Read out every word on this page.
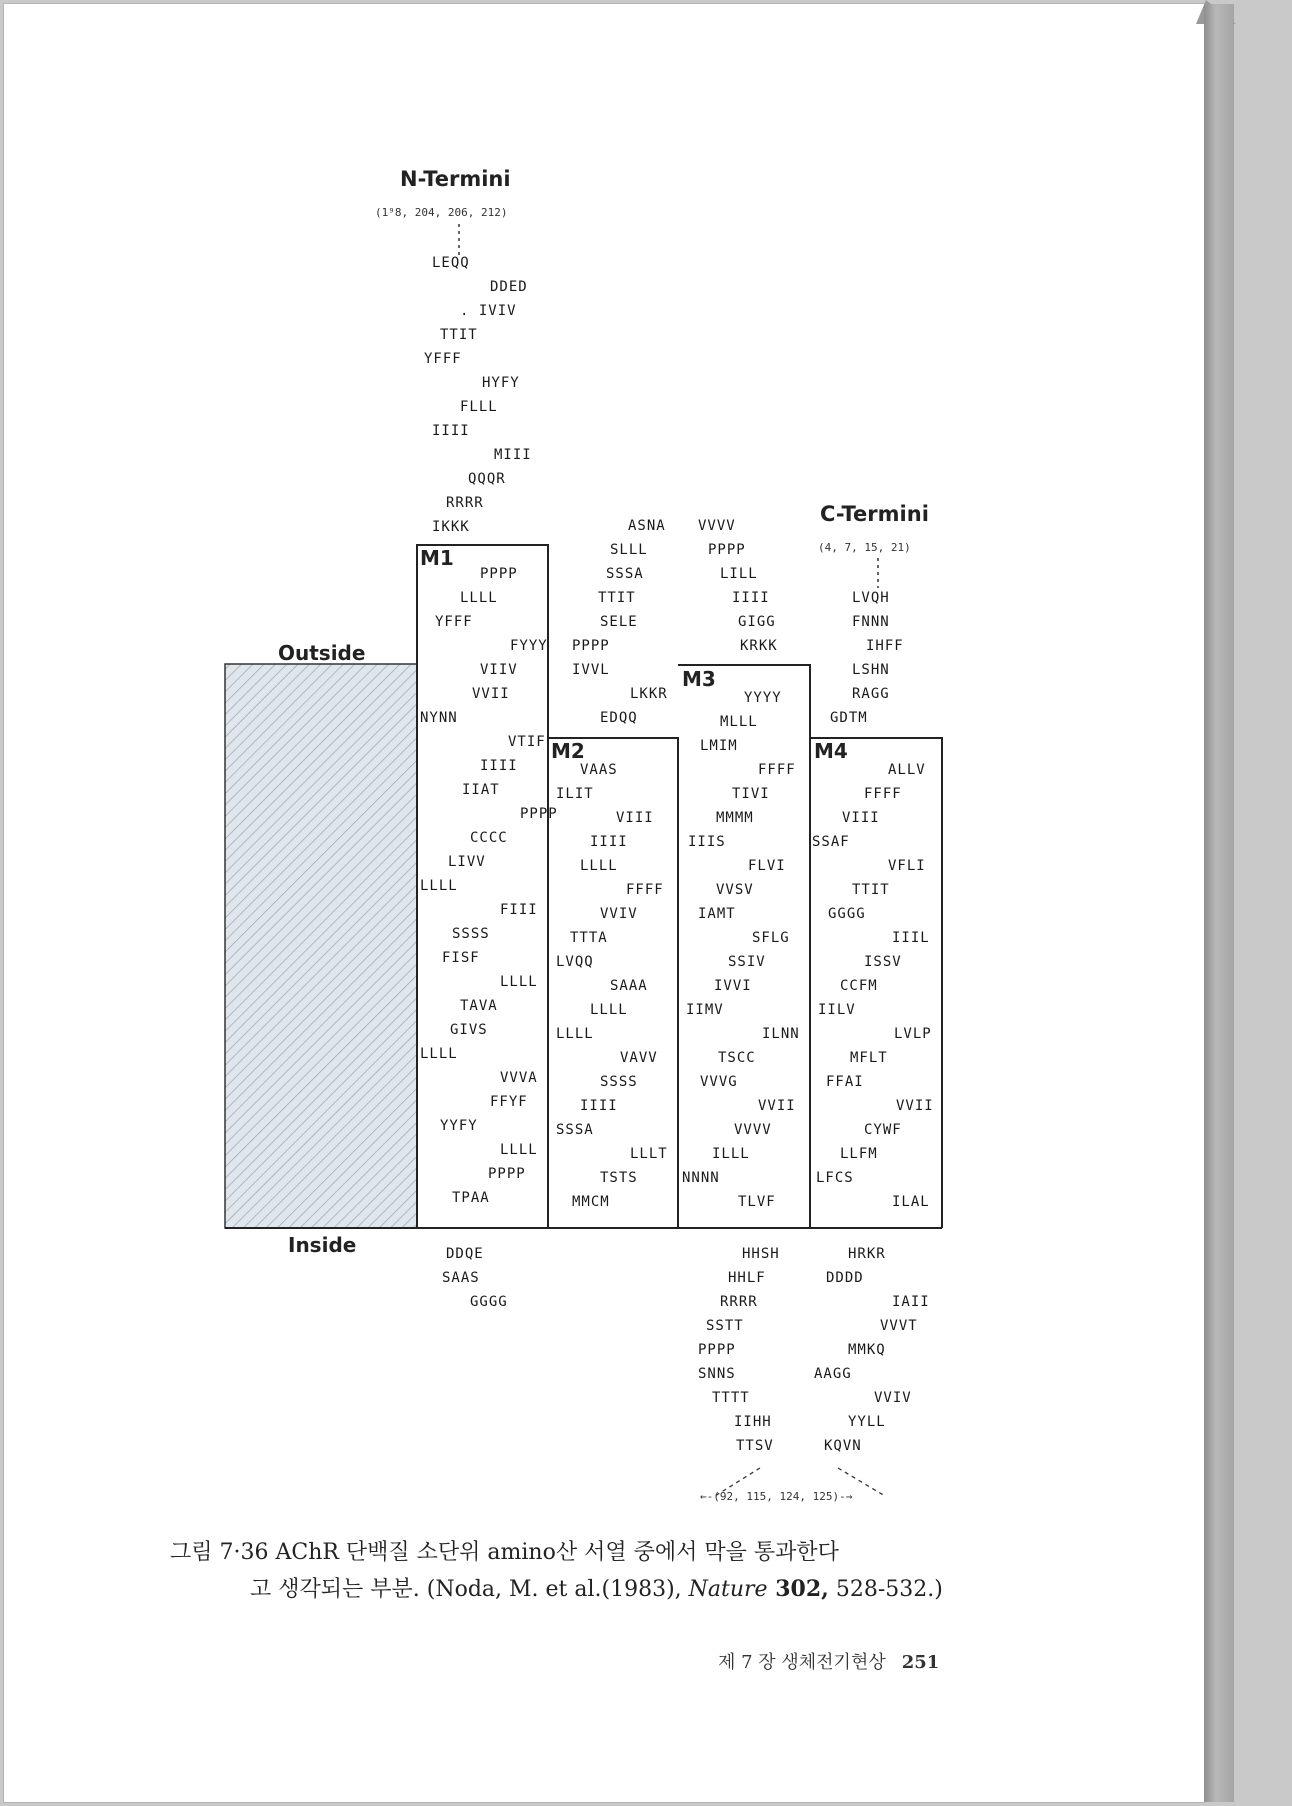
N-Termini
(1⁹8, 204, 206, 212)
C-Termini
(4, 7, 15, 21)
Outside
Inside
M1
M2
M3
M4
LEQQ
DDED
. IVIV
TTIT
YFFF
HYFY
FLLL
IIII
MIII
QQQR
RRRR
IKKK
PPPP
LLLL
YFFF
FYYY
VIIV
VVII
NYNN
VTIF
IIII
IIAT
PPPP
CCCC
LIVV
LLLL
FIII
SSSS
FISF
LLLL
TAVA
GIVS
LLLL
VVVA
FFYF
YYFY
LLLL
PPPP
TPAA
DDQE
SAAS
GGGG
ASNA
SLLL
SSSA
TTIT
SELE
PPPP
IVVL
LKKR
EDQQ
VAAS
ILIT
VIII
IIII
LLLL
FFFF
VVIV
TTTA
LVQQ
SAAA
LLLL
LLLL
VAVV
SSSS
IIII
SSSA
LLLT
TSTS
MMCM
VVVV
PPPP
LILL
IIII
GIGG
KRKK
YYYY
MLLL
LMIM
FFFF
TIVI
MMMM
IIIS
FLVI
VVSV
IAMT
SFLG
SSIV
IVVI
IIMV
ILNN
TSCC
VVVG
VVII
VVVV
ILLL
NNNN
TLVF
HHSH
HHLF
RRRR
SSTT
PPPP
SNNS
TTTT
IIHH
TTSV
LVQH
FNNN
IHFF
LSHN
RAGG
GDTM
ALLV
FFFF
VIII
SSAF
VFLI
TTIT
GGGG
IIIL
ISSV
CCFM
IILV
LVLP
MFLT
FFAI
VVII
CYWF
LLFM
LFCS
ILAL
HRKR
DDDD
IAII
VVVT
MMKQ
AAGG
VVIV
YYLL
KQVN
←-(92, 115, 124, 125)-→
그림 7·36 AChR 단백질 소단위 amino산 서열 중에서 막을 통과한다
고 생각되는 부분. (Noda, M. et al.(1983), Nature 302, 528-532.)
제 7 장 생체전기현상 251
